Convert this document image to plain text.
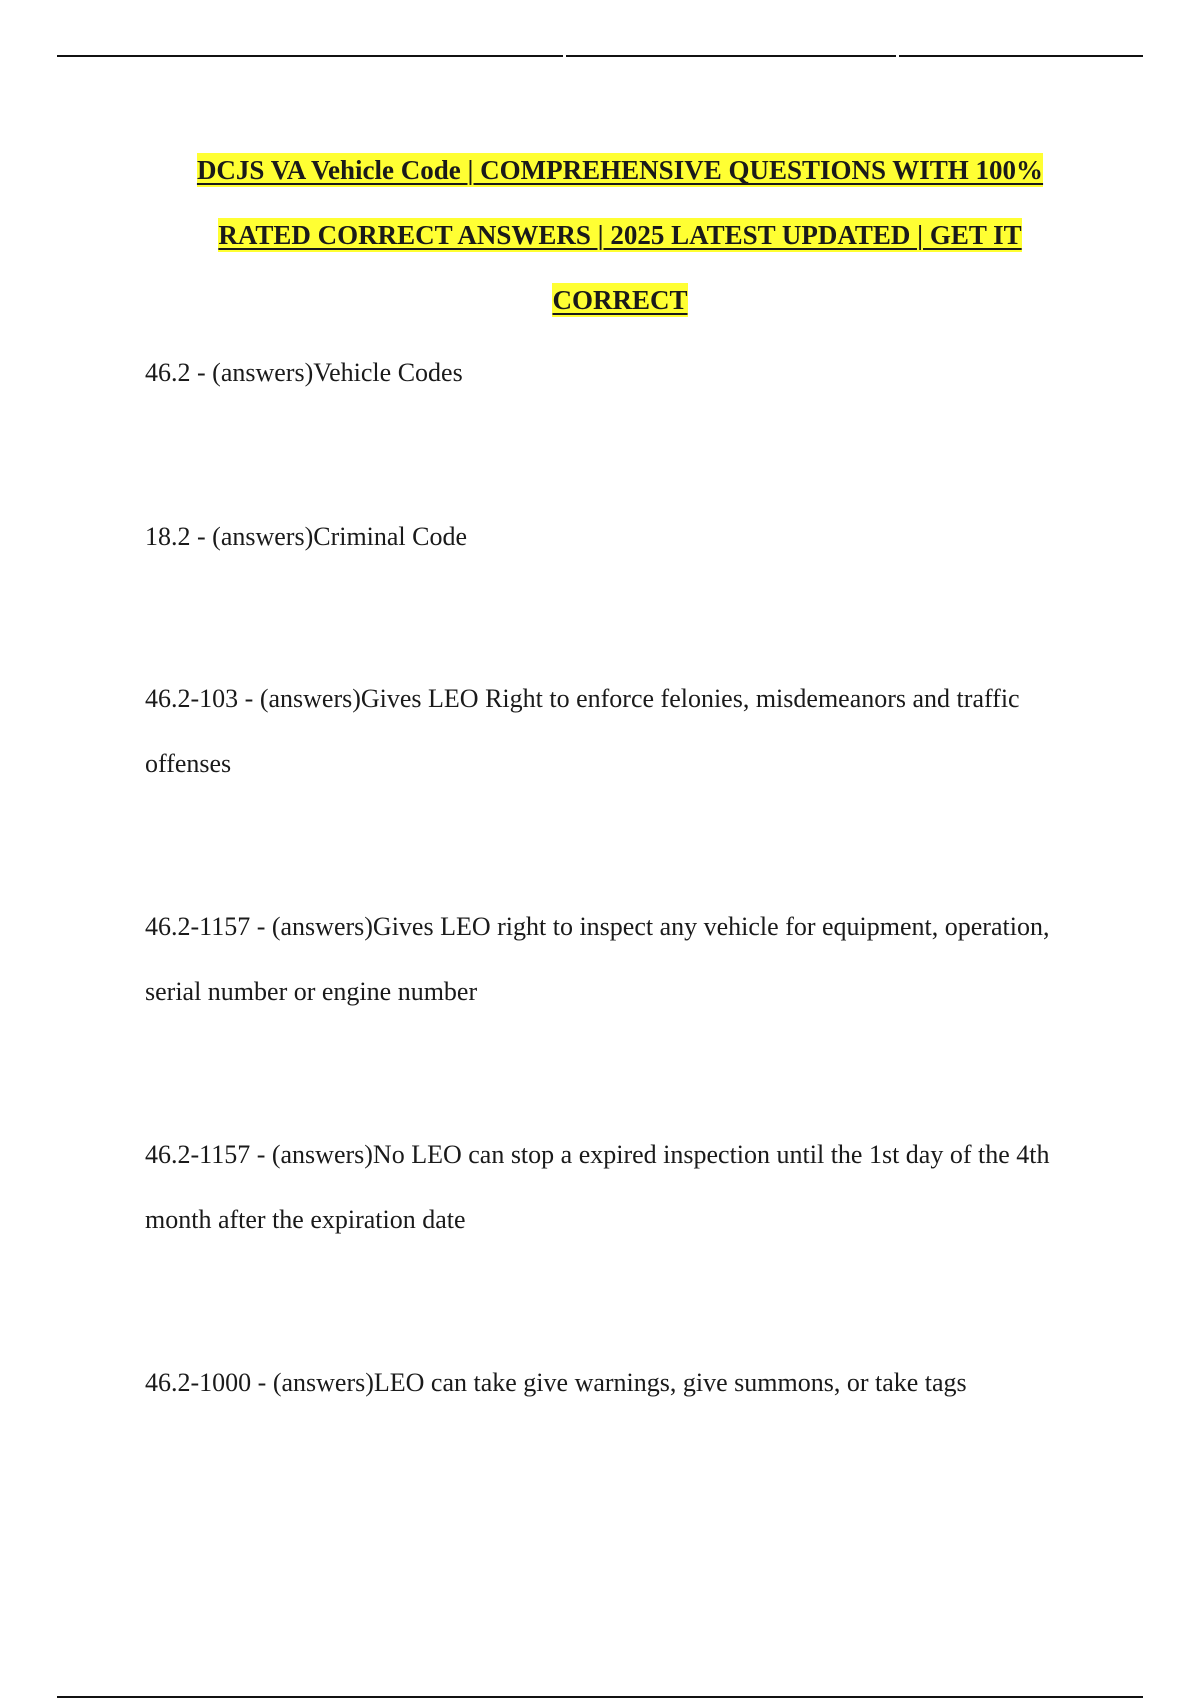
DCJS VA Vehicle Code | COMPREHENSIVE QUESTIONS WITH 100%
RATED CORRECT ANSWERS | 2025 LATEST UPDATED | GET IT
CORRECT

46.2 - (answers)Vehicle Codes

18.2 - (answers)Criminal Code

46.2-103 - (answers)Gives LEO Right to enforce felonies, misdemeanors and traffic offenses

46.2-1157 - (answers)Gives LEO right to inspect any vehicle for equipment, operation, serial number or engine number

46.2-1157 - (answers)No LEO can stop a expired inspection until the 1st day of the 4th month after the expiration date

46.2-1000 - (answers)LEO can take give warnings, give summons, or take tags
